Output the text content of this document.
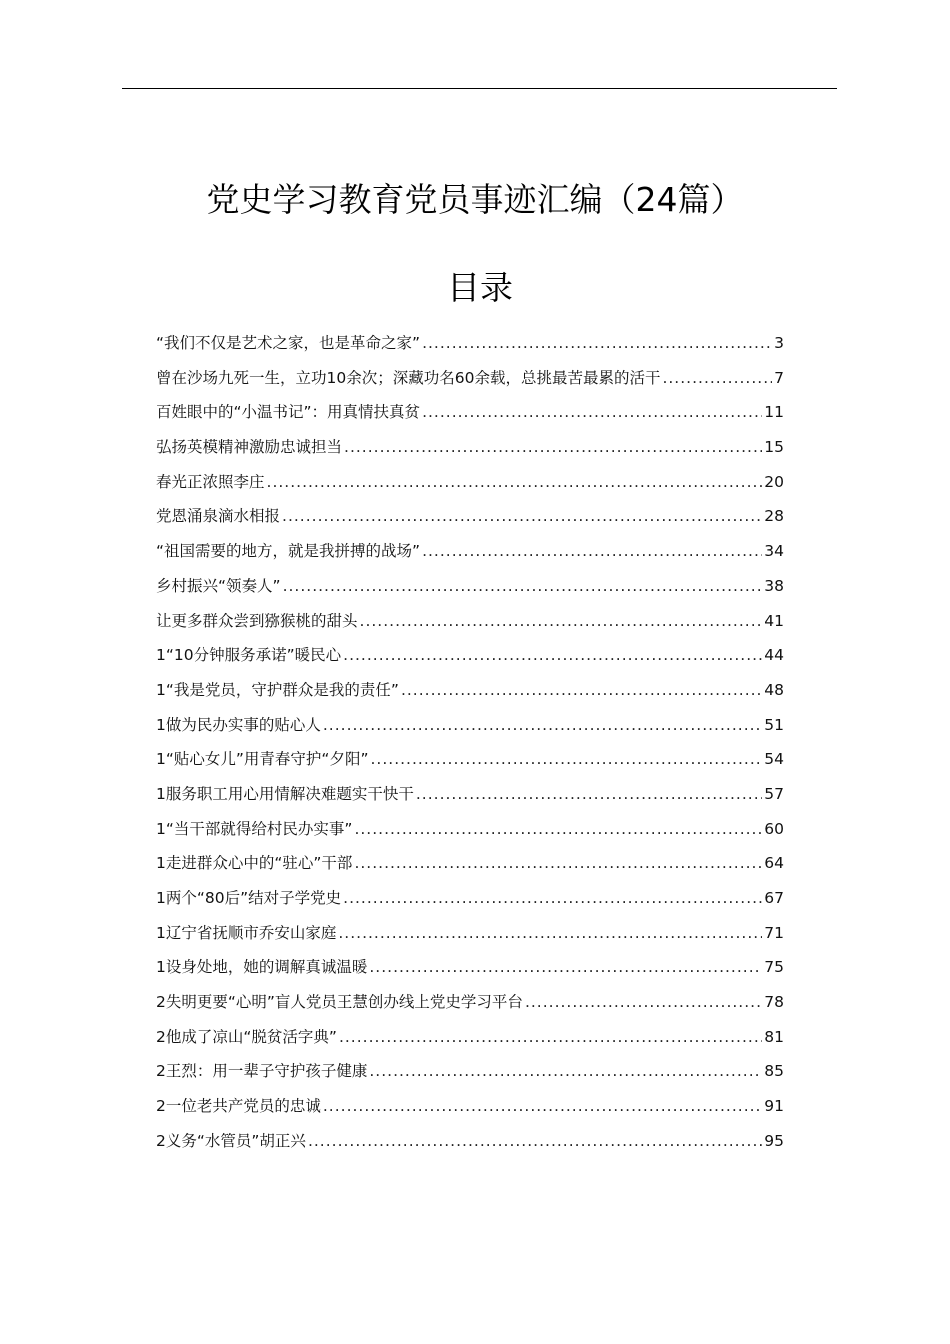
党史学习教育党员事迹汇编（24篇）
目录
“我们不仅是艺术之家，也是革命之家” .....	3
曾在沙场九死一生，立功10余次；深藏功名60余载，总挑最苦最累的活干 .....	7
百姓眼中的“小温书记”：用真情扶真贫 .....	11
弘扬英模精神激励忠诚担当 .....	15
春光正浓照李庄 .....	20
党恩涌泉滴水相报 .....	28
“祖国需要的地方，就是我拼搏的战场” .....	34
乡村振兴“领奏人” .....	38
让更多群众尝到猕猴桃的甜头 .....	41
1“10分钟服务承诺”暖民心 .....	44
1“我是党员，守护群众是我的责任” .....	48
1做为民办实事的贴心人 .....	51
1“贴心女儿”用青春守护“夕阳” .....	54
1服务职工用心用情解决难题实干快干 .....	57
1“当干部就得给村民办实事” .....	60
1走进群众心中的“驻心”干部 .....	64
1两个“80后”结对子学党史 .....	67
1辽宁省抚顺市乔安山家庭 .....	71
1设身处地，她的调解真诚温暖 .....	75
2失明更要“心明”盲人党员王慧创办线上党史学习平台 .....	78
2他成了凉山“脱贫活字典” .....	81
2王烈：用一辈子守护孩子健康 .....	85
2一位老共产党员的忠诚 .....	91
2义务“水管员”胡正兴 .....	95
